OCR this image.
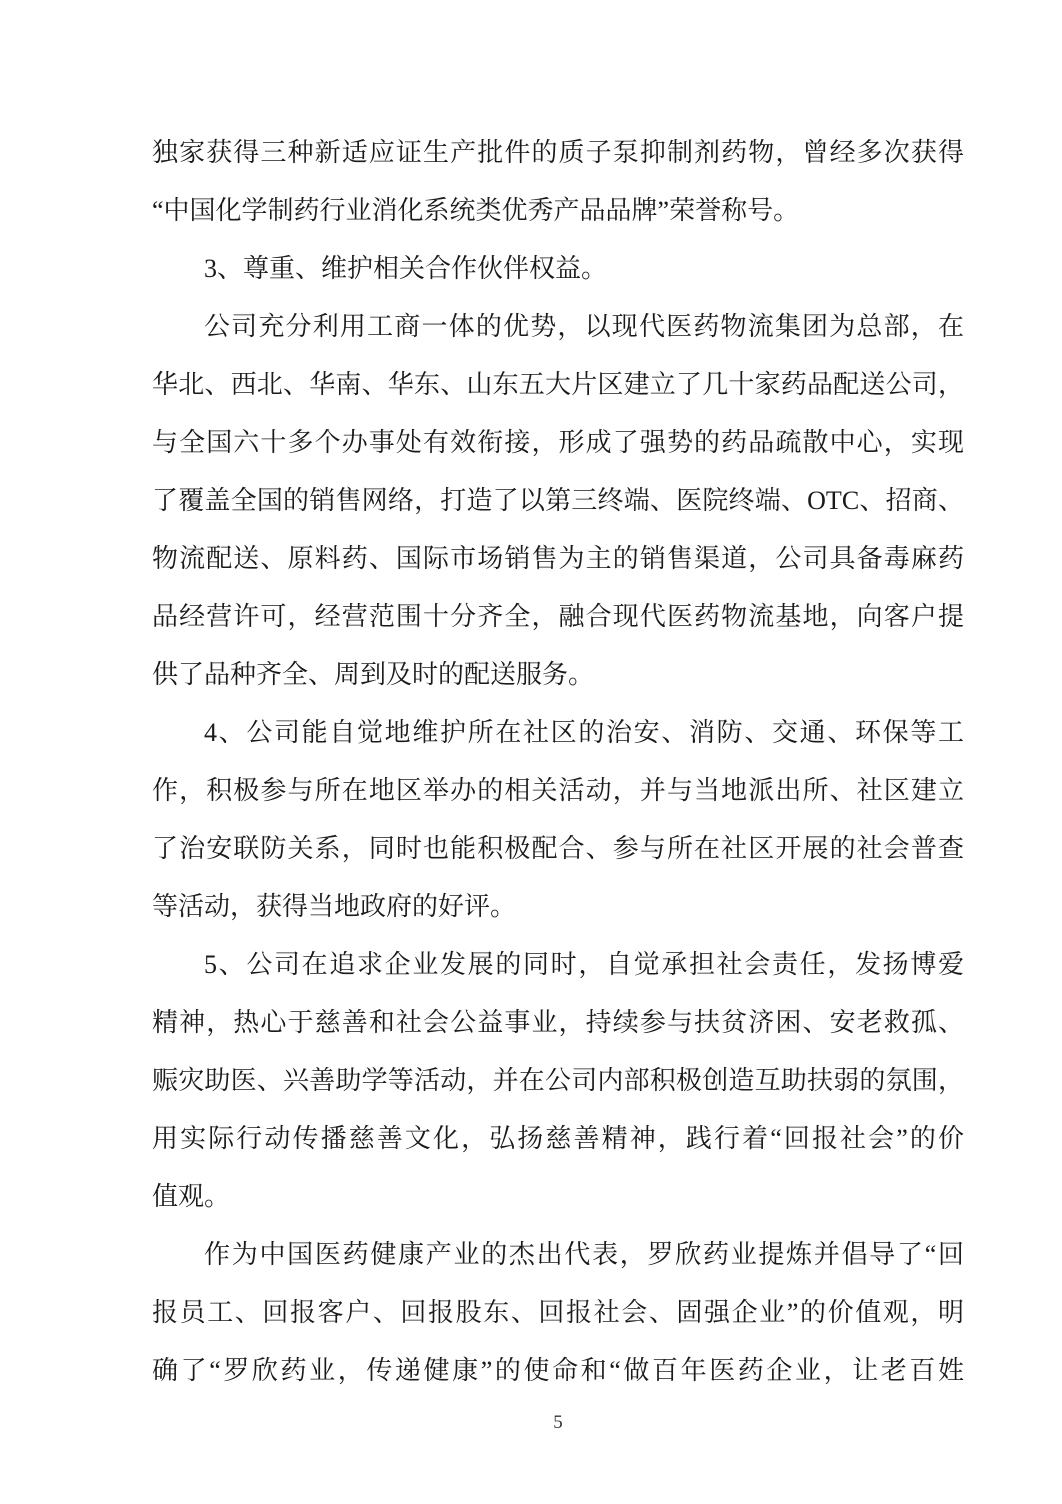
独家获得三种新适应证生产批件的质子泵抑制剂药物，曾经多次获得
“中国化学制药行业消化系统类优秀产品品牌”荣誉称号。
3、尊重、维护相关合作伙伴权益。
公司充分利用工商一体的优势，以现代医药物流集团为总部，在
华北、西北、华南、华东、山东五大片区建立了几十家药品配送公司，
与全国六十多个办事处有效衔接，形成了强势的药品疏散中心，实现
了覆盖全国的销售网络，打造了以第三终端、医院终端、OTC、招商、
物流配送、原料药、国际市场销售为主的销售渠道，公司具备毒麻药
品经营许可，经营范围十分齐全，融合现代医药物流基地，向客户提
供了品种齐全、周到及时的配送服务。
4、公司能自觉地维护所在社区的治安、消防、交通、环保等工
作，积极参与所在地区举办的相关活动，并与当地派出所、社区建立
了治安联防关系，同时也能积极配合、参与所在社区开展的社会普查
等活动，获得当地政府的好评。
5、公司在追求企业发展的同时，自觉承担社会责任，发扬博爱
精神，热心于慈善和社会公益事业，持续参与扶贫济困、安老救孤、
赈灾助医、兴善助学等活动，并在公司内部积极创造互助扶弱的氛围，
用实际行动传播慈善文化，弘扬慈善精神，践行着“回报社会”的价
值观。
作为中国医药健康产业的杰出代表，罗欣药业提炼并倡导了“回
报员工、回报客户、回报股东、回报社会、固强企业”的价值观，明
确了“罗欣药业，传递健康”的使命和“做百年医药企业，让老百姓
5
